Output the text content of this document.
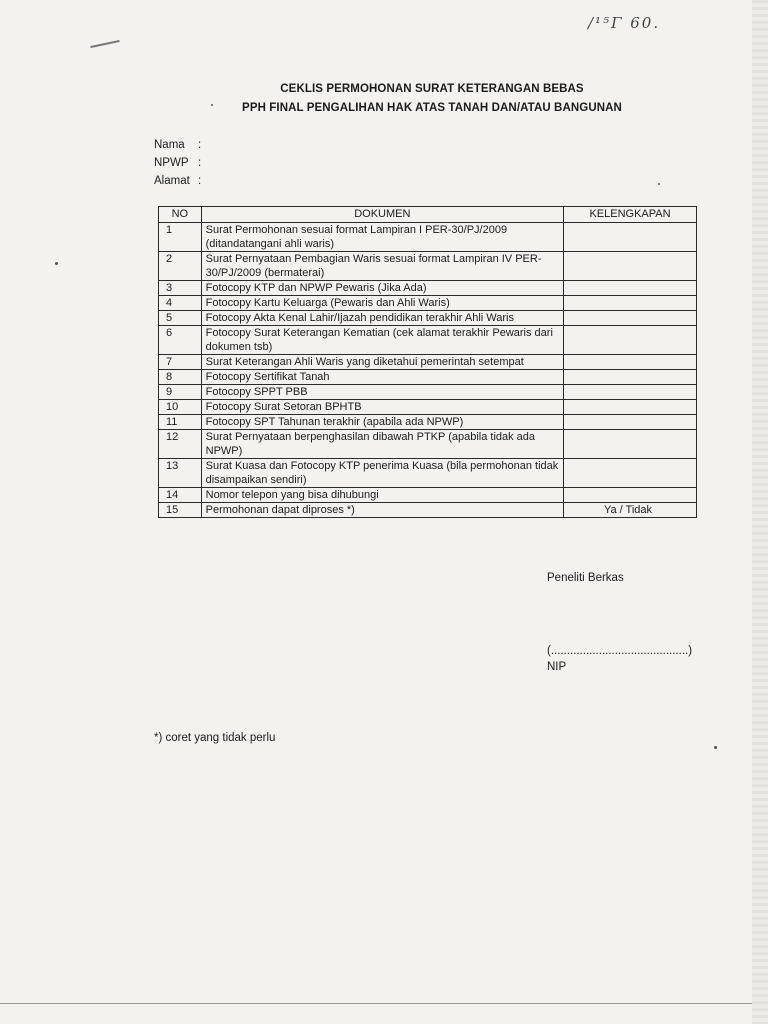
/¹⁵Γ 60.
CEKLIS PERMOHONAN SURAT KETERANGAN BEBAS
PPH FINAL PENGALIHAN HAK ATAS TANAH DAN/ATAU BANGUNAN
Nama :
NPWP :
Alamat :
NO	DOKUMEN	KELENGKAPAN
1	Surat Permohonan sesuai format Lampiran I PER-30/PJ/2009 (ditandatangani ahli waris)	
2	Surat Pernyataan Pembagian Waris sesuai format Lampiran IV PER-30/PJ/2009 (bermaterai)	
3	Fotocopy KTP dan NPWP Pewaris (Jika Ada)	
4	Fotocopy Kartu Keluarga (Pewaris dan Ahli Waris)	
5	Fotocopy Akta Kenal Lahir/Ijazah pendidikan terakhir Ahli Waris	
6	Fotocopy Surat Keterangan Kematian (cek alamat terakhir Pewaris dari dokumen tsb)	
7	Surat Keterangan Ahli Waris yang diketahui pemerintah setempat	
8	Fotocopy Sertifikat Tanah	
9	Fotocopy SPPT PBB	
10	Fotocopy Surat Setoran BPHTB	
11	Fotocopy SPT Tahunan terakhir (apabila ada NPWP)	
12	Surat Pernyataan berpenghasilan dibawah PTKP (apabila tidak ada NPWP)	
13	Surat Kuasa dan Fotocopy KTP penerima Kuasa (bila permohonan tidak disampaikan sendiri)	
14	Nomor telepon yang bisa dihubungi	
15	Permohonan dapat diproses *)	Ya / Tidak
Peneliti Berkas
(...........................................)
NIP
*) coret yang tidak perlu
